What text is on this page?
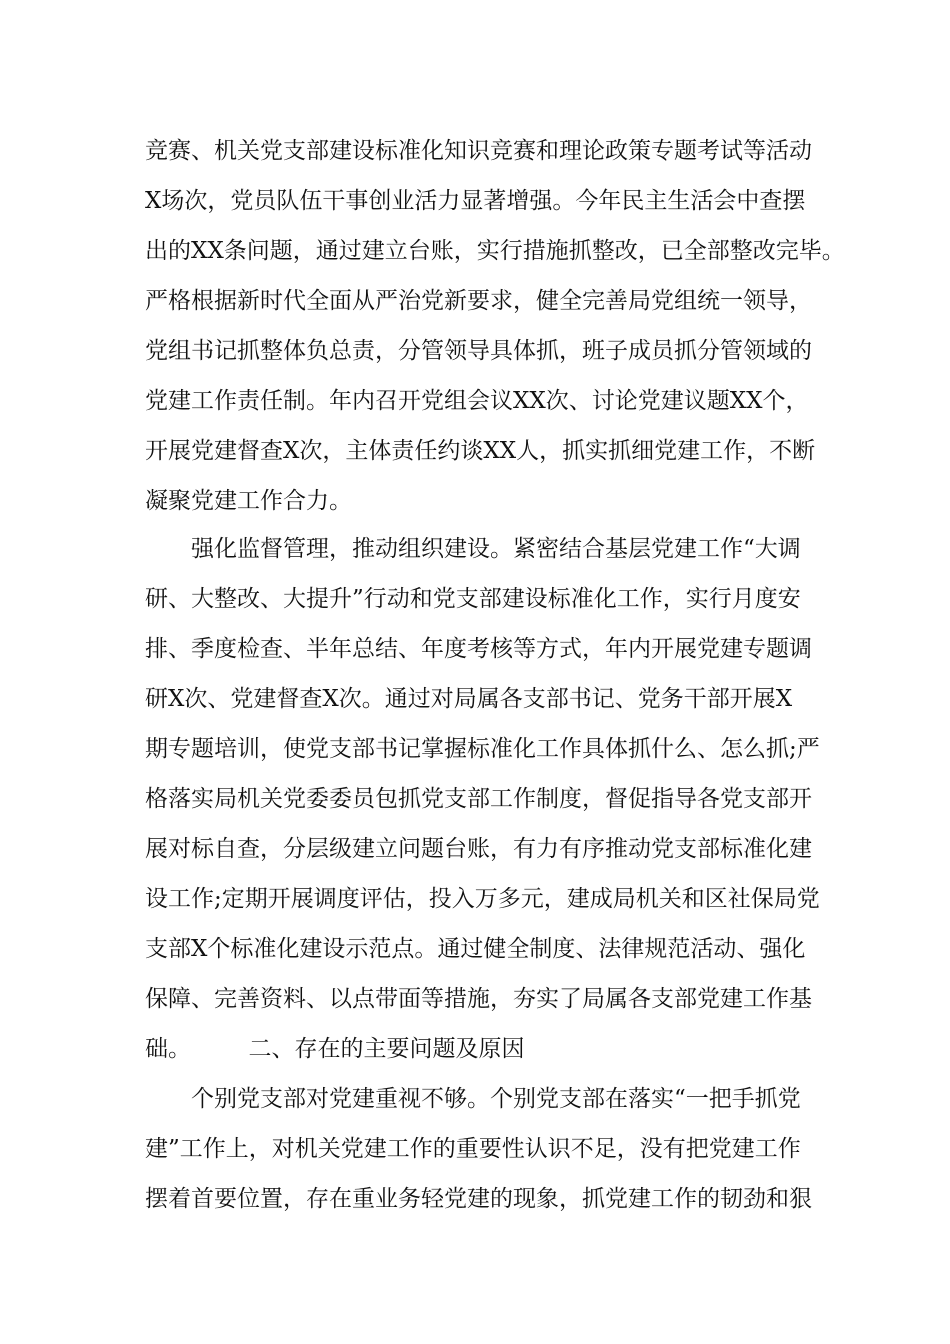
竞赛、机关党支部建设标准化知识竞赛和理论政策专题考试等活动
X场次，党员队伍干事创业活力显著增强。今年民主生活会中查摆
出的XX条问题，通过建立台账，实行措施抓整改，已全部整改完毕。
严格根据新时代全面从严治党新要求，健全完善局党组统一领导，
党组书记抓整体负总责，分管领导具体抓，班子成员抓分管领域的
党建工作责任制。年内召开党组会议XX次、讨论党建议题XX个，
开展党建督查X次，主体责任约谈XX人，抓实抓细党建工作，不断
凝聚党建工作合力。
　　强化监督管理，推动组织建设。紧密结合基层党建工作“大调
研、大整改、大提升”行动和党支部建设标准化工作，实行月度安
排、季度检查、半年总结、年度考核等方式，年内开展党建专题调
研X次、党建督查X次。通过对局属各支部书记、党务干部开展X
期专题培训，使党支部书记掌握标准化工作具体抓什么、怎么抓;严
格落实局机关党委委员包抓党支部工作制度，督促指导各党支部开
展对标自查，分层级建立问题台账，有力有序推动党支部标准化建
设工作;定期开展调度评估，投入万多元，建成局机关和区社保局党
支部X个标准化建设示范点。通过健全制度、法律规范活动、强化
保障、完善资料、以点带面等措施，夯实了局属各支部党建工作基
础。　　　二、存在的主要问题及原因
　　个别党支部对党建重视不够。个别党支部在落实“一把手抓党
建”工作上，对机关党建工作的重要性认识不足，没有把党建工作
摆着首要位置，存在重业务轻党建的现象，抓党建工作的韧劲和狠
